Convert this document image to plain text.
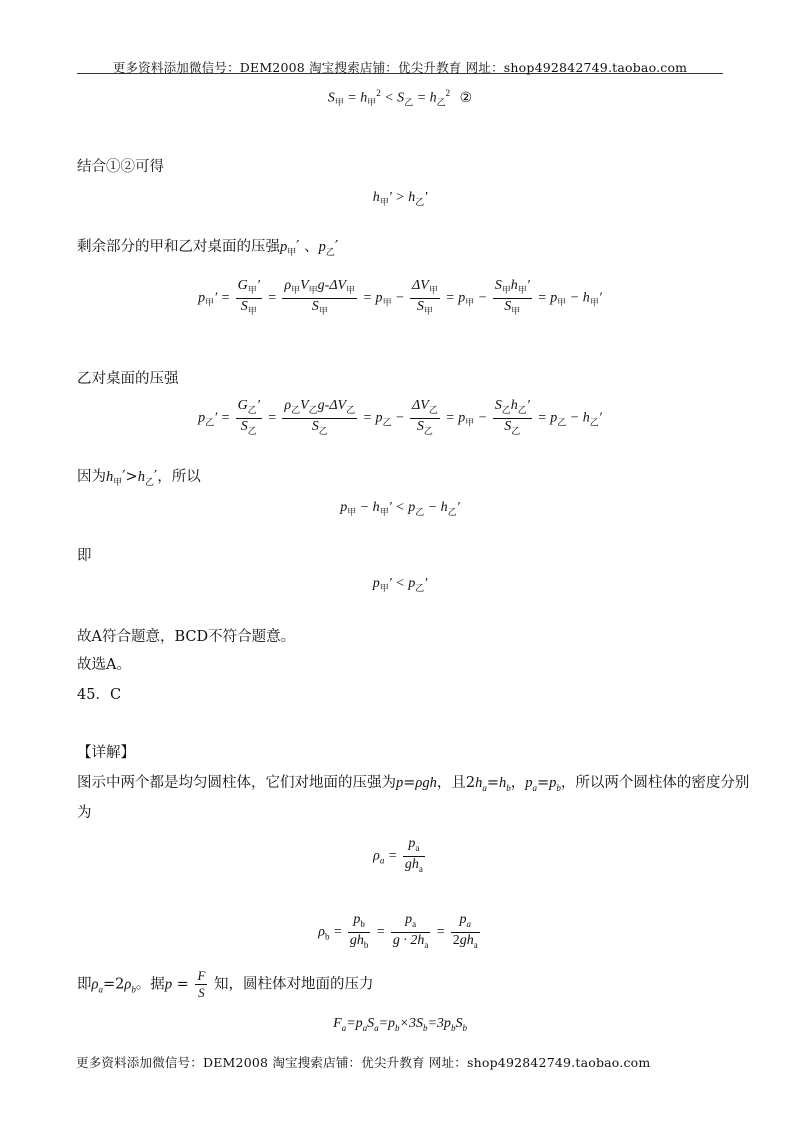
更多资料添加微信号：DEM2008 淘宝搜索店铺：优尖升教育 网址：shop492842749.taobao.com
$S_甲 = h_甲^2 < S_乙 = h_乙^2$ ②
结合①②可得
$h_甲' > h_乙'$
剩余部分的甲和乙对桌面的压强$p_甲'$ 、$p_乙'$
$p_甲' = \frac{G_甲'}{S_甲} = \frac{\rho_甲V_甲g-\Delta V_甲}{S_甲} = p_甲 - \frac{\Delta V_甲}{S_甲} = p_甲 - \frac{S_甲h_甲'}{S_甲} = p_甲 - h_甲'$
乙对桌面的压强
$p_乙' = \frac{G_乙'}{S_乙} = \frac{\rho_乙V_乙g-\Delta V_乙}{S_乙} = p_乙 - \frac{\Delta V_乙}{S_乙} = p_甲 - \frac{S_乙h_乙'}{S_乙} = p_乙 - h_乙'$
因为$h_甲'>h_乙'$，所以
$p_甲 - h_甲' < p_乙 - h_乙'$
即
$p_甲' < p_乙'$
故A符合题意，BCD不符合题意。
故选A。
45．C
【详解】
图示中两个都是均匀圆柱体，它们对地面的压强为p=ρgh，且$2h_a=h_b$，$p_a=p_b$，所以两个圆柱体的密度分别
为
$\rho_a = \frac{p_a}{gh_a}$
$\rho_b = \frac{p_b}{gh_b} = \frac{p_a}{g \cdot 2h_a} = \frac{p_a}{2gh_a}$
即$\rho_a=2\rho_b$。据$p = \frac{F}{S}$ 知，圆柱体对地面的压力
$F_a=p_aS_a=p_b\times 3S_b=3p_bS_b$
更多资料添加微信号：DEM2008 淘宝搜索店铺：优尖升教育 网址：shop492842749.taobao.com
